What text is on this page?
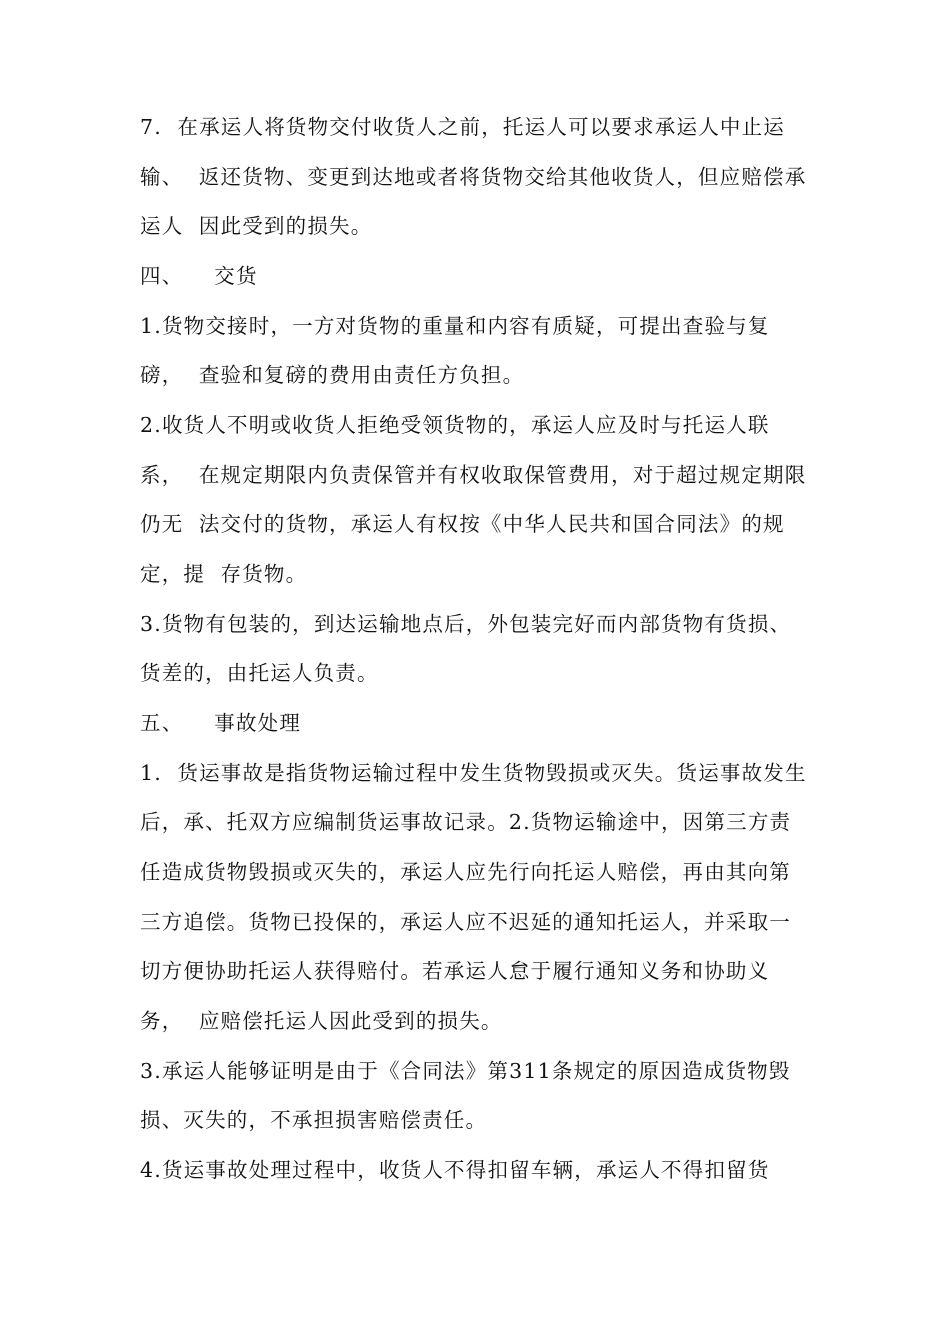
7.  在承运人将货物交付收货人之前，托运人可以要求承运人中止运
输、  返还货物、变更到达地或者将货物交给其他收货人，但应赔偿承
运人  因此受到的损失。
四、    交货
1.货物交接时，一方对货物的重量和内容有质疑，可提出查验与复
磅，  查验和复磅的费用由责任方负担。
2.收货人不明或收货人拒绝受领货物的，承运人应及时与托运人联
系，  在规定期限内负责保管并有权收取保管费用，对于超过规定期限
仍无  法交付的货物，承运人有权按《中华人民共和国合同法》的规
定，提  存货物。
3.货物有包装的，到达运输地点后，外包装完好而内部货物有货损、
货差的，由托运人负责。
五、    事故处理
1.  货运事故是指货物运输过程中发生货物毁损或灭失。货运事故发生
后，承、托双方应编制货运事故记录。2.货物运输途中，因第三方责
任造成货物毁损或灭失的，承运人应先行向托运人赔偿，再由其向第
三方追偿。货物已投保的，承运人应不迟延的通知托运人，并采取一
切方便协助托运人获得赔付。若承运人怠于履行通知义务和协助义
务，  应赔偿托运人因此受到的损失。
3.承运人能够证明是由于《合同法》第311条规定的原因造成货物毁
损、灭失的，不承担损害赔偿责任。
4.货运事故处理过程中，收货人不得扣留车辆，承运人不得扣留货
